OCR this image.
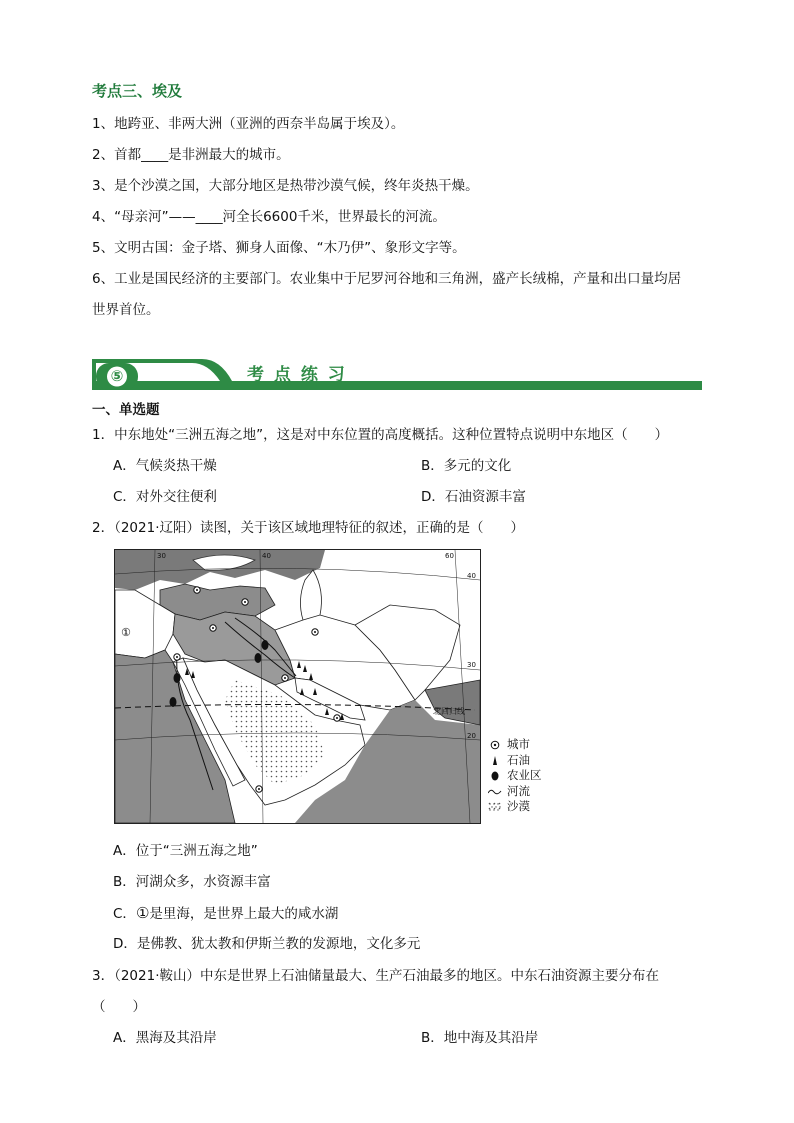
考点三、埃及
1、地跨亚、非两大洲（亚洲的西奈半岛属于埃及）。
2、首都____是非洲最大的城市。
3、是个沙漠之国，大部分地区是热带沙漠气候，终年炎热干燥。
4、“母亲河”——____河全长6600千米，世界最长的河流。
5、文明古国：金子塔、狮身人面像、“木乃伊”、象形文字等。
6、工业是国民经济的主要部门。农业集中于尼罗河谷地和三角洲，盛产长绒棉，产量和出口量均居
世界首位。
⑤	考 点 练 习
一、单选题
1．中东地处“三洲五海之地”，这是对中东位置的高度概括。这种位置特点说明中东地区（　　）
A．气候炎热干燥	B．多元的文化
C．对外交往便利	D．石油资源丰富
2．（2021·辽阳）读图，关于该区域地理特征的叙述，正确的是（　　）
①
北回归线
40
30
20
30	40	60
城市
石油
农业区
河流
沙漠
A．位于“三洲五海之地”
B．河湖众多，水资源丰富
C．①是里海，是世界上最大的咸水湖
D．是佛教、犹太教和伊斯兰教的发源地，文化多元
3．（2021·鞍山）中东是世界上石油储量最大、生产石油最多的地区。中东石油资源主要分布在
（　　）
A．黑海及其沿岸	B．地中海及其沿岸
